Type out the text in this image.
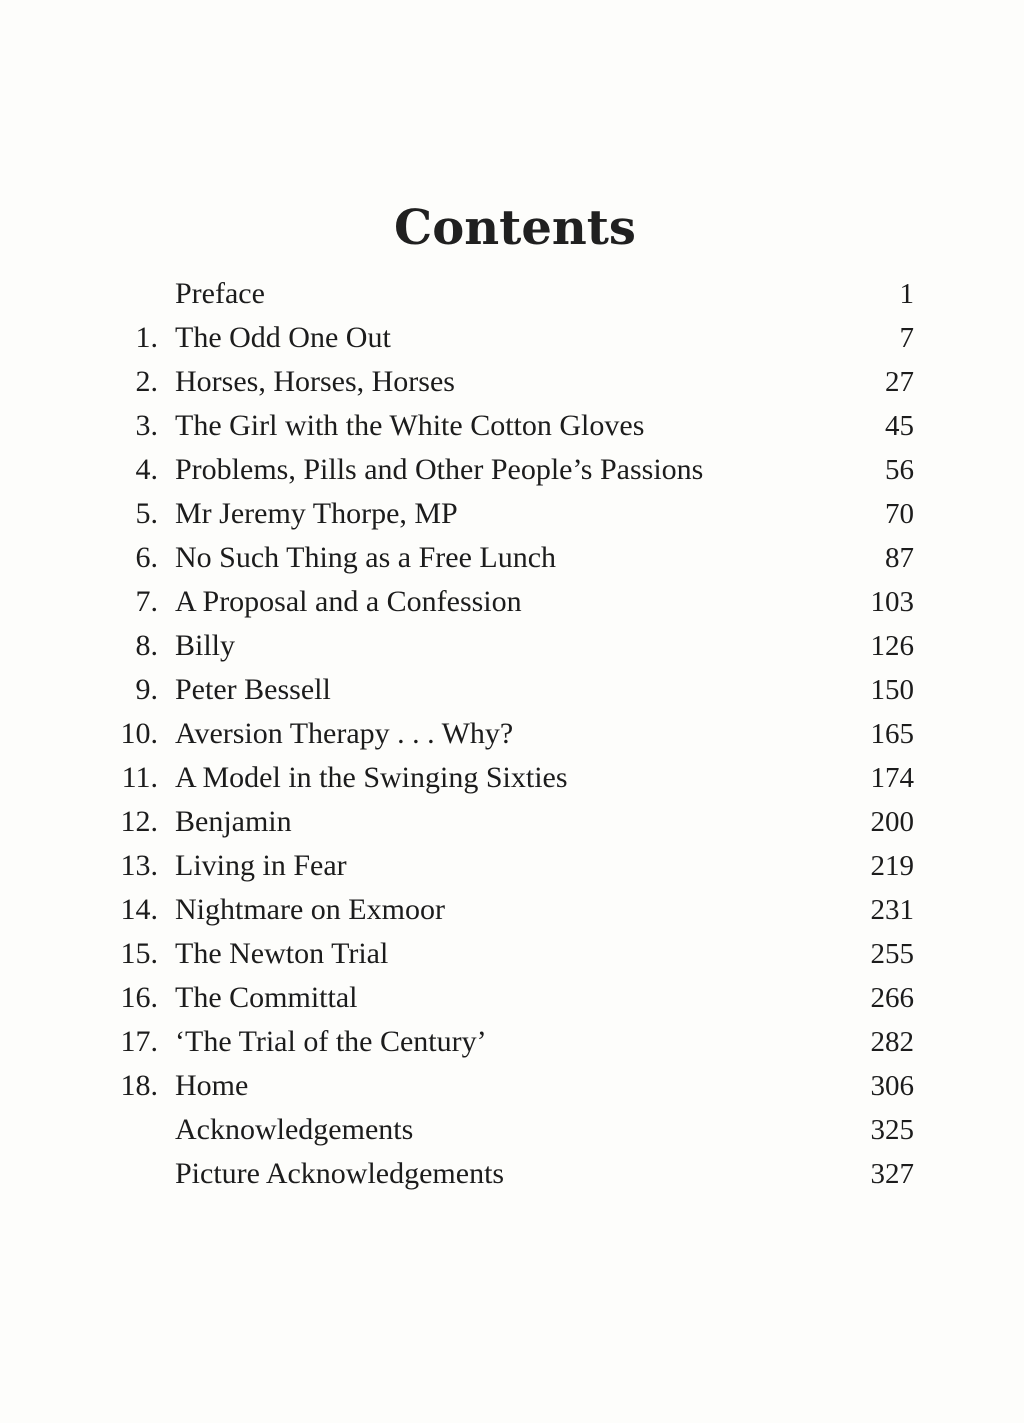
Contents
Preface	1
1. The Odd One Out	7
2. Horses, Horses, Horses	27
3. The Girl with the White Cotton Gloves	45
4. Problems, Pills and Other People’s Passions	56
5. Mr Jeremy Thorpe, MP	70
6. No Such Thing as a Free Lunch	87
7. A Proposal and a Confession	103
8. Billy	126
9. Peter Bessell	150
10. Aversion Therapy . . . Why?	165
11. A Model in the Swinging Sixties	174
12. Benjamin	200
13. Living in Fear	219
14. Nightmare on Exmoor	231
15. The Newton Trial	255
16. The Committal	266
17. ‘The Trial of the Century’	282
18. Home	306
Acknowledgements	325
Picture Acknowledgements	327
